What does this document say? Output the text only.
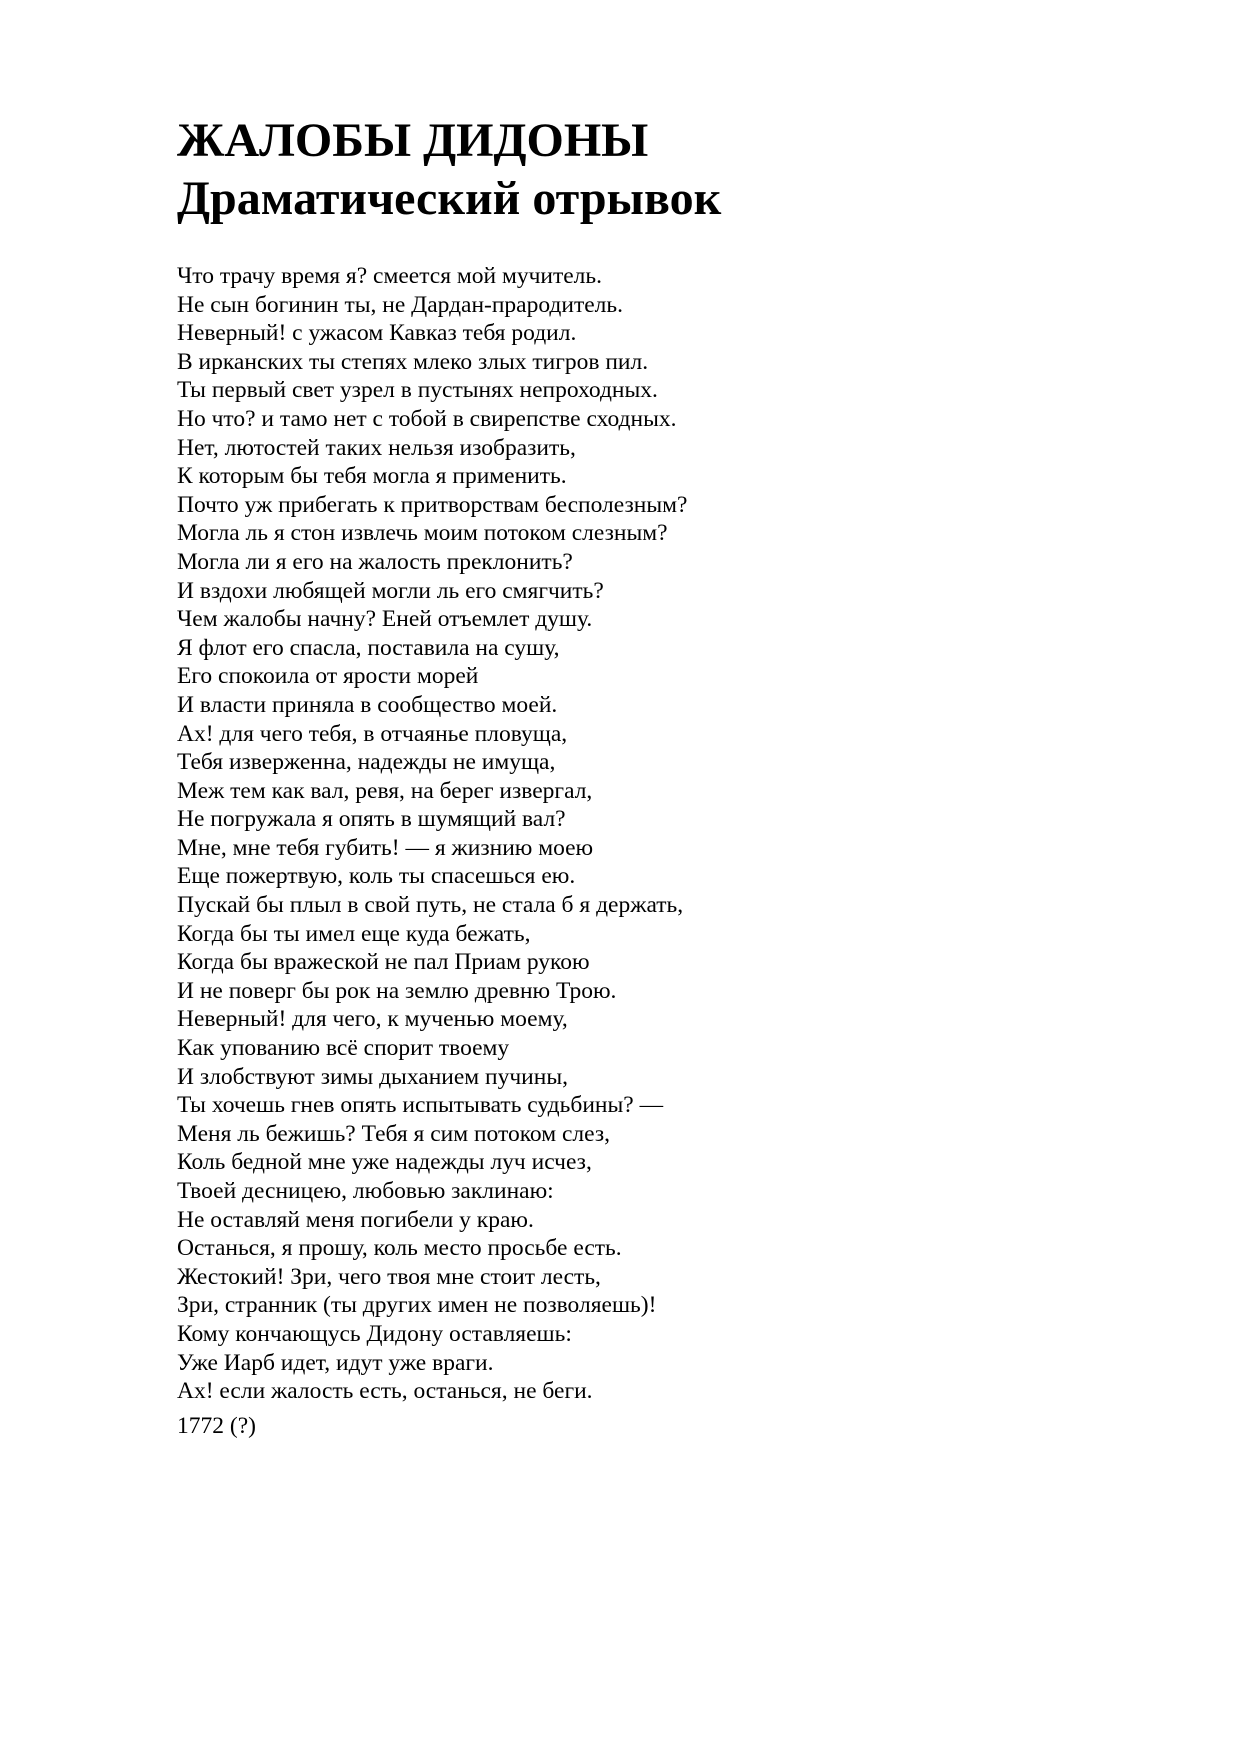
ЖАЛОБЫ ДИДОНЫ
Драматический отрывок
Что трачу время я? смеется мой мучитель.
Не сын богинин ты, не Дардан-прародитель.
Неверный! с ужасом Кавказ тебя родил.
В ирканских ты степях млеко злых тигров пил.
Ты первый свет узрел в пустынях непроходных.
Но что? и тамо нет с тобой в свирепстве сходных.
Нет, лютостей таких нельзя изобразить,
К которым бы тебя могла я применить.
Почто уж прибегать к притворствам бесполезным?
Могла ль я стон извлечь моим потоком слезным?
Могла ли я его на жалость преклонить?
И вздохи любящей могли ль его смягчить?
Чем жалобы начну? Еней отъемлет душу.
Я флот его спасла, поставила на сушу,
Его спокоила от ярости морей
И власти приняла в сообщество моей.
Ах! для чего тебя, в отчаянье пловуща,
Тебя изверженна, надежды не имуща,
Меж тем как вал, ревя, на берег извергал,
Не погружала я опять в шумящий вал?
Мне, мне тебя губить! — я жизнию моею
Еще пожертвую, коль ты спасешься ею.
Пускай бы плыл в свой путь, не стала б я держать,
Когда бы ты имел еще куда бежать,
Когда бы вражеской не пал Приам рукою
И не поверг бы рок на землю древню Трою.
Неверный! для чего, к мученью моему,
Как упованию всё спорит твоему
И злобствуют зимы дыханием пучины,
Ты хочешь гнев опять испытывать судьбины? —
Меня ль бежишь? Тебя я сим потоком слез,
Коль бедной мне уже надежды луч исчез,
Твоей десницею, любовью заклинаю:
Не оставляй меня погибели у краю.
Останься, я прошу, коль место просьбе есть.
Жестокий! Зри, чего твоя мне стоит лесть,
Зри, странник (ты других имен не позволяешь)!
Кому кончающусь Дидону оставляешь:
Уже Иарб идет, идут уже враги.
Ах! если жалость есть, останься, не беги.

1772 (?)
